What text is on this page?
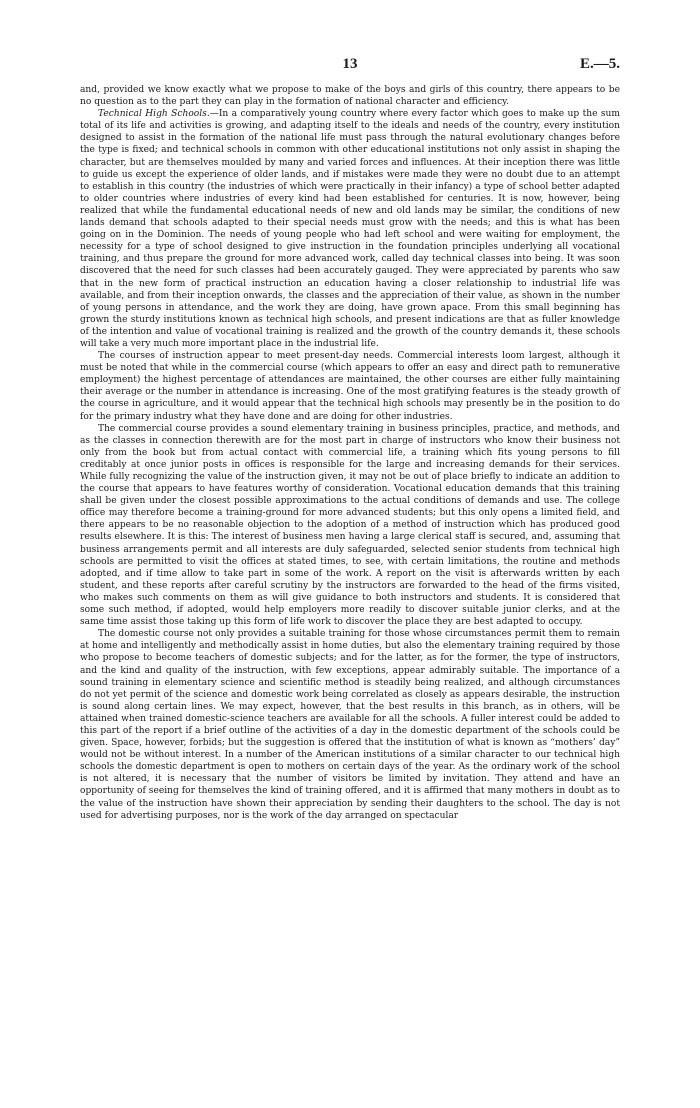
13	E.—5.

and, provided we know exactly what we propose to make of the boys and girls of this country, there appears to be no question as to the part they can play in the formation of national character and efficiency.

Technical High Schools.—In a comparatively young country where every factor which goes to make up the sum total of its life and activities is growing, and adapting itself to the ideals and needs of the country, every institution designed to assist in the formation of the national life must pass through the natural evolutionary changes before the type is fixed; and technical schools in common with other educational institutions not only assist in shaping the character, but are themselves moulded by many and varied forces and influences. At their inception there was little to guide us except the experience of older lands, and if mistakes were made they were no doubt due to an attempt to establish in this country (the industries of which were practically in their infancy) a type of school better adapted to older countries where industries of every kind had been established for centuries. It is now, however, being realized that while the fundamental educational needs of new and old lands may be similar, the conditions of new lands demand that schools adapted to their special needs must grow with the needs; and this is what has been going on in the Dominion. The needs of young people who had left school and were waiting for employment, the necessity for a type of school designed to give instruction in the foundation principles underlying all vocational training, and thus prepare the ground for more advanced work, called day technical classes into being. It was soon discovered that the need for such classes had been accurately gauged. They were appreciated by parents who saw that in the new form of practical instruction an education having a closer relationship to industrial life was available, and from their inception onwards, the classes and the appreciation of their value, as shown in the number of young persons in attendance, and the work they are doing, have grown apace. From this small beginning has grown the sturdy institutions known as technical high schools, and present indications are that as fuller knowledge of the intention and value of vocational training is realized and the growth of the country demands it, these schools will take a very much more important place in the industrial life.

The courses of instruction appear to meet present-day needs. Commercial interests loom largest, although it must be noted that while in the commercial course (which appears to offer an easy and direct path to remunerative employment) the highest percentage of attendances are maintained, the other courses are either fully maintaining their average or the number in attendance is increasing. One of the most gratifying features is the steady growth of the course in agriculture, and it would appear that the technical high schools may presently be in the position to do for the primary industry what they have done and are doing for other industries.

The commercial course provides a sound elementary training in business principles, practice, and methods, and as the classes in connection therewith are for the most part in charge of instructors who know their business not only from the book but from actual contact with commercial life, a training which fits young persons to fill creditably at once junior posts in offices is responsible for the large and increasing demands for their services. While fully recognizing the value of the instruction given, it may not be out of place briefly to indicate an addition to the course that appears to have features worthy of consideration. Vocational education demands that this training shall be given under the closest possible approximations to the actual conditions of demands and use. The college office may therefore become a training-ground for more advanced students; but this only opens a limited field, and there appears to be no reasonable objection to the adoption of a method of instruction which has produced good results elsewhere. It is this: The interest of business men having a large clerical staff is secured, and, assuming that business arrangements permit and all interests are duly safeguarded, selected senior students from technical high schools are permitted to visit the offices at stated times, to see, with certain limitations, the routine and methods adopted, and if time allow to take part in some of the work. A report on the visit is afterwards written by each student, and these reports after careful scrutiny by the instructors are forwarded to the head of the firms visited, who makes such comments on them as will give guidance to both instructors and students. It is considered that some such method, if adopted, would help employers more readily to discover suitable junior clerks, and at the same time assist those taking up this form of life work to discover the place they are best adapted to occupy.

The domestic course not only provides a suitable training for those whose circumstances permit them to remain at home and intelligently and methodically assist in home duties, but also the elementary training required by those who propose to become teachers of domestic subjects; and for the latter, as for the former, the type of instructors, and the kind and quality of the instruction, with few exceptions, appear admirably suitable. The importance of a sound training in elementary science and scientific method is steadily being realized, and although circumstances do not yet permit of the science and domestic work being correlated as closely as appears desirable, the instruction is sound along certain lines. We may expect, however, that the best results in this branch, as in others, will be attained when trained domestic-science teachers are available for all the schools. A fuller interest could be added to this part of the report if a brief outline of the activities of a day in the domestic department of the schools could be given. Space, however, forbids; but the suggestion is offered that the institution of what is known as “mothers’ day” would not be without interest. In a number of the American institutions of a similar character to our technical high schools the domestic department is open to mothers on certain days of the year. As the ordinary work of the school is not altered, it is necessary that the number of visitors be limited by invitation. They attend and have an opportunity of seeing for themselves the kind of training offered, and it is affirmed that many mothers in doubt as to the value of the instruction have shown their appreciation by sending their daughters to the school. The day is not used for advertising purposes, nor is the work of the day arranged on spectacular
